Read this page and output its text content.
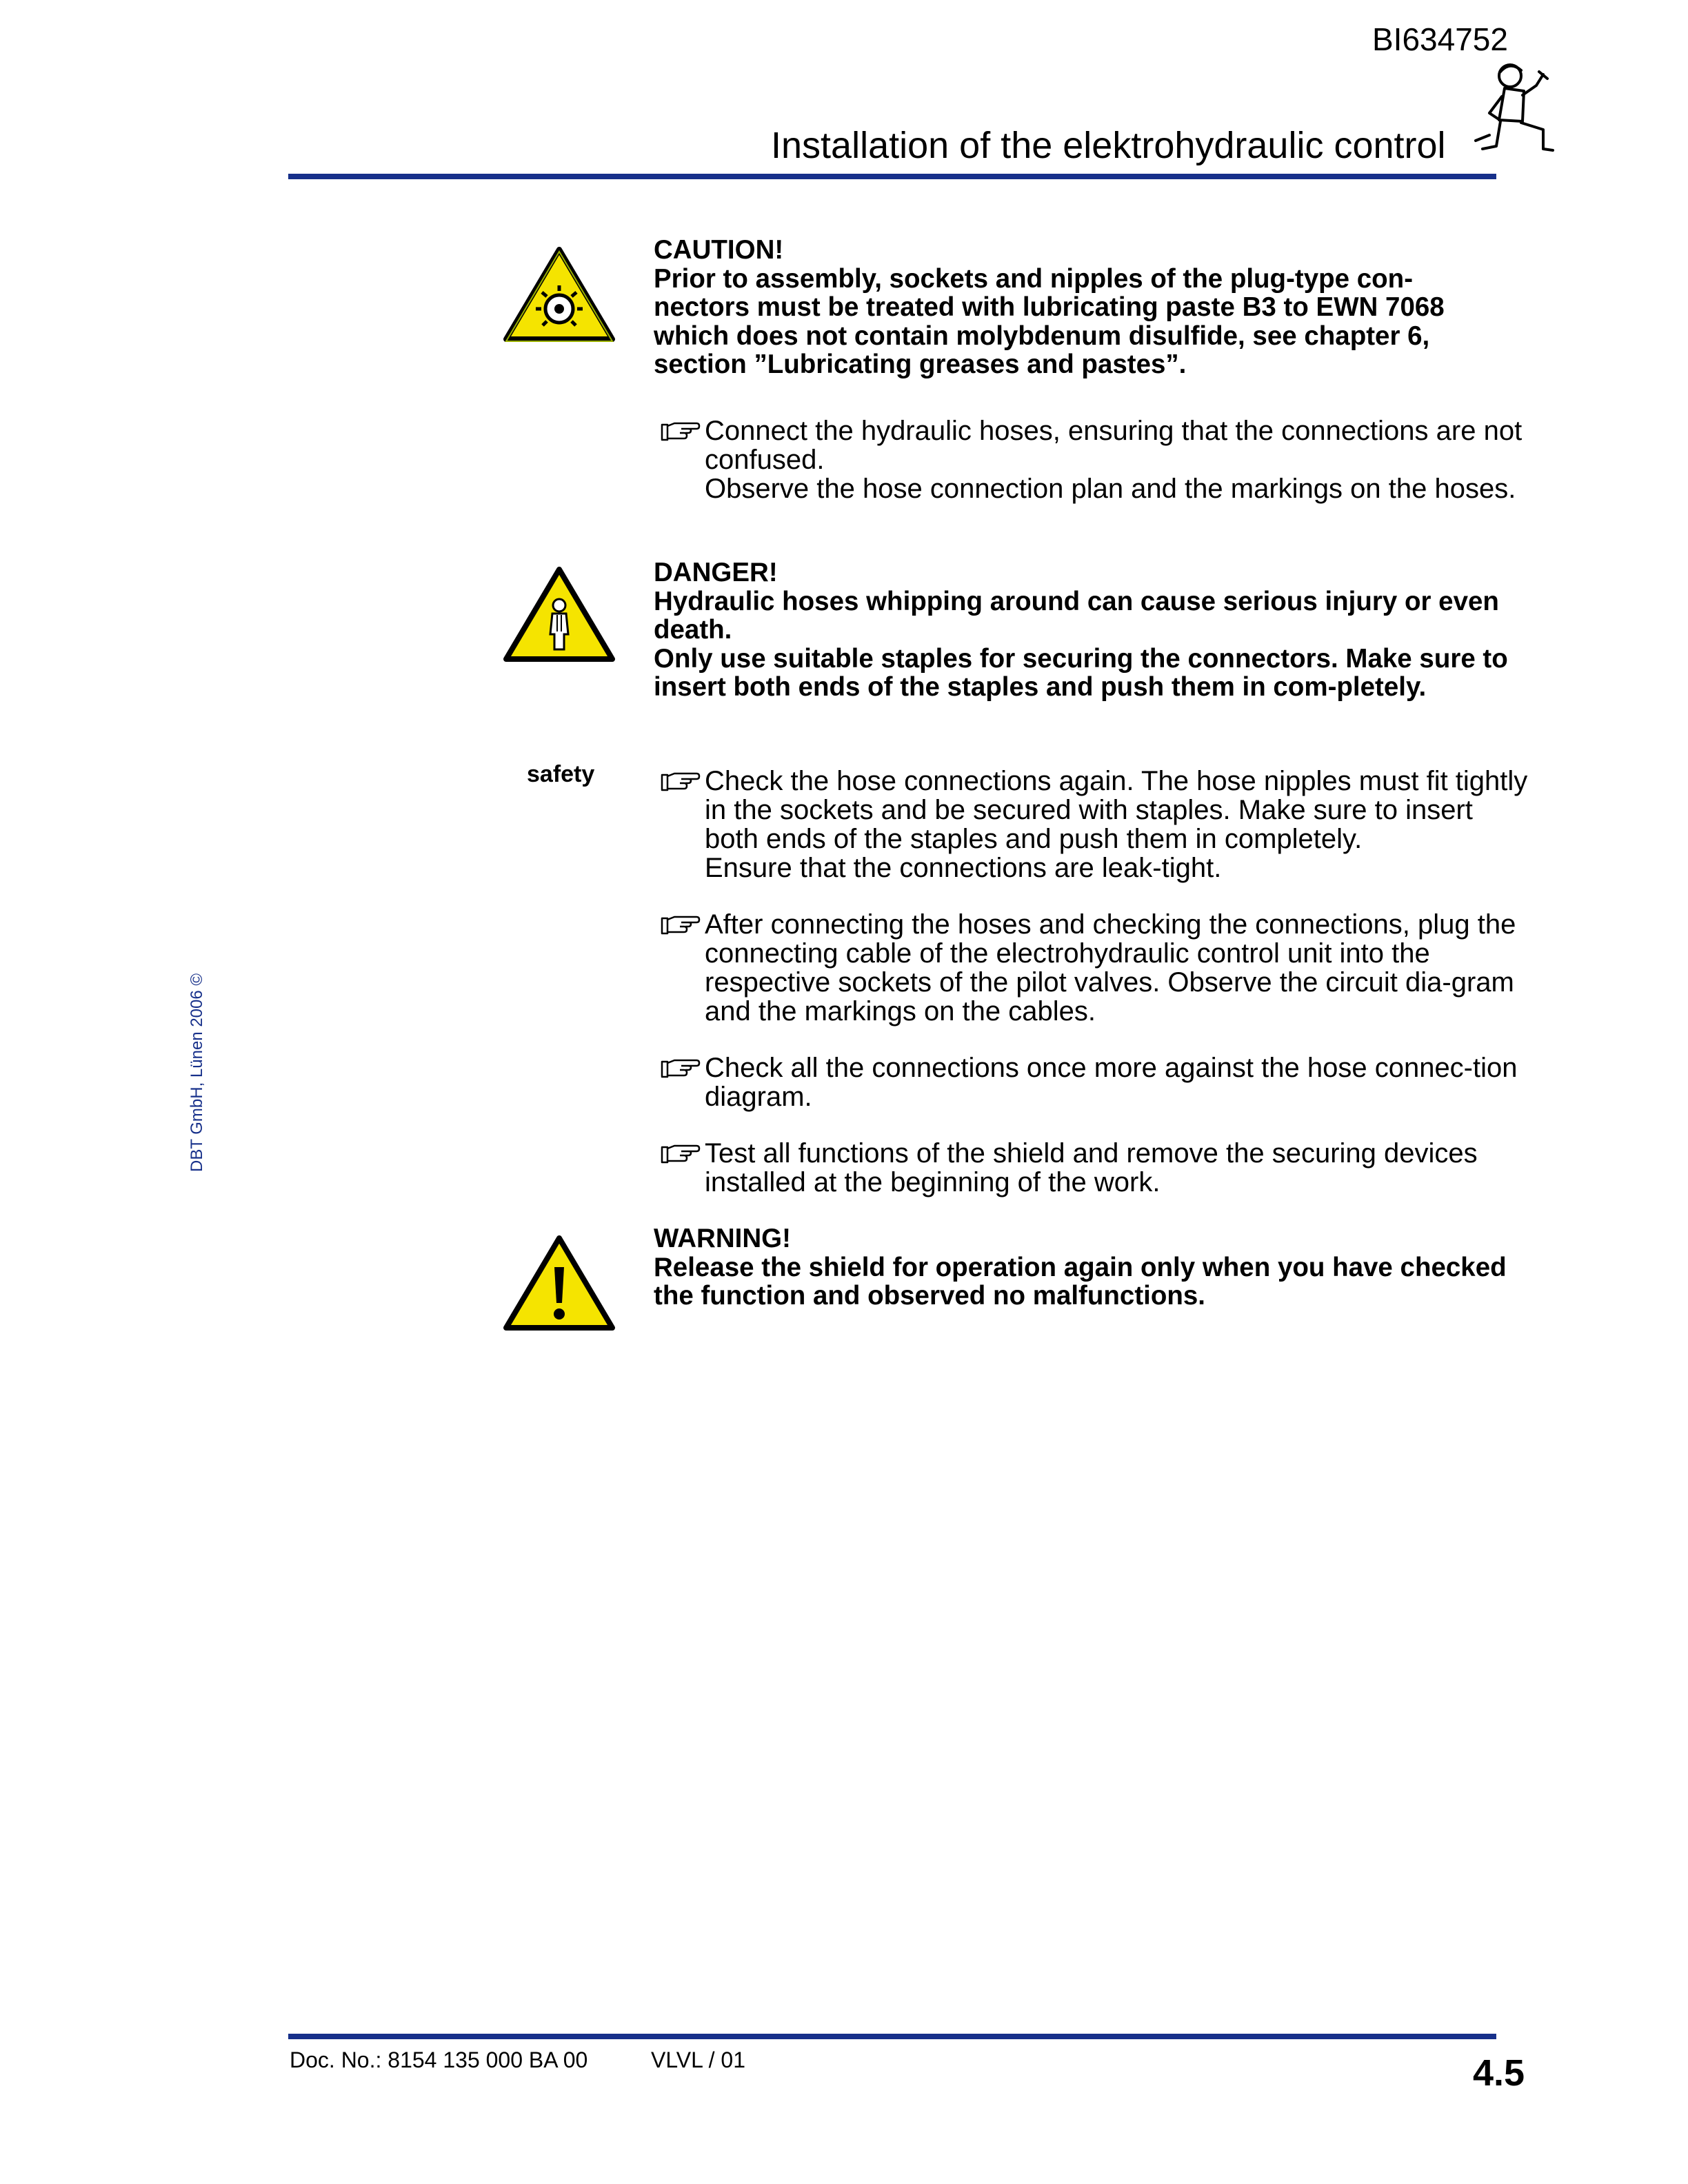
BI634752
Installation of the elektrohydraulic control
DBT GmbH, Lünen 2006 ©
CAUTION!
Prior to assembly, sockets and nipples of the plug-type con-nectors must be treated with lubricating paste B3 to EWN 7068 which does not contain molybdenum disulfide, see chapter 6, section ”Lubricating greases and pastes”.
Connect the hydraulic hoses, ensuring that the connections are not confused.
Observe the hose connection plan and the markings on the hoses.
DANGER!
Hydraulic hoses whipping around can cause serious injury or even death.
Only use suitable staples for securing the connectors. Make sure to insert both ends of the staples and push them in com-pletely.
safety	Check the hose connections again. The hose nipples must fit tightly in the sockets and be secured with staples. Make sure to insert both ends of the staples and push them in completely.
Ensure that the connections are leak-tight.
After connecting the hoses and checking the connections, plug the connecting cable of the electrohydraulic control unit into the respective sockets of the pilot valves. Observe the circuit dia-gram and the markings on the cables.
Check all the connections once more against the hose connec-tion diagram.
Test all functions of the shield and remove the securing devices installed at the beginning of the work.
WARNING!
Release the shield for operation again only when you have checked the function and observed no malfunctions.
Doc. No.: 8154 135 000 BA 00	VLVL / 01	4.5
